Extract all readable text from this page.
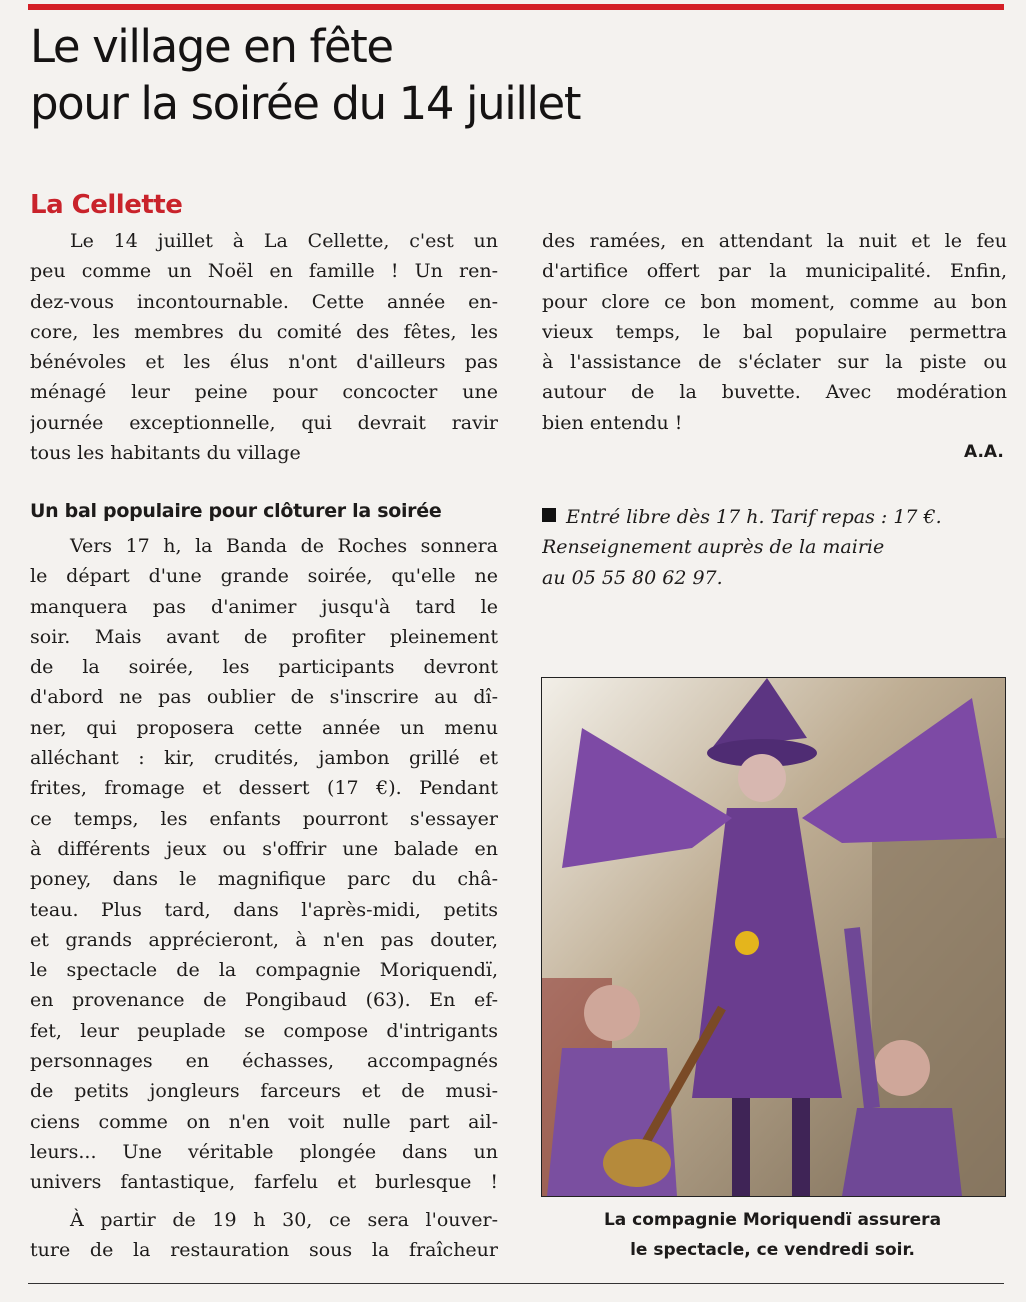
Le village en fête
pour la soirée du 14 juillet
La Cellette
Le 14 juillet à La Cellette, c'est un
peu comme un Noël en famille ! Un ren-
dez-vous incontournable. Cette année en-
core, les membres du comité des fêtes, les
bénévoles et les élus n'ont d'ailleurs pas
ménagé leur peine pour concocter une
journée exceptionnelle, qui devrait ravir
tous les habitants du village
Un bal populaire pour clôturer la soirée
Vers 17 h, la Banda de Roches sonnera
le départ d'une grande soirée, qu'elle ne
manquera pas d'animer jusqu'à tard le
soir. Mais avant de profiter pleinement
de la soirée, les participants devront
d'abord ne pas oublier de s'inscrire au dî-
ner, qui proposera cette année un menu
alléchant : kir, crudités, jambon grillé et
frites, fromage et dessert (17 €). Pendant
ce temps, les enfants pourront s'essayer
à différents jeux ou s'offrir une balade en
poney, dans le magnifique parc du châ-
teau. Plus tard, dans l'après-midi, petits
et grands apprécieront, à n'en pas douter,
le spectacle de la compagnie Moriquendï,
en provenance de Pongibaud (63). En ef-
fet, leur peuplade se compose d'intrigants
personnages en échasses, accompagnés
de petits jongleurs farceurs et de musi-
ciens comme on n'en voit nulle part ail-
leurs... Une véritable plongée dans un
univers fantastique, farfelu et burlesque !
À partir de 19 h 30, ce sera l'ouver-
ture de la restauration sous la fraîcheur
des ramées, en attendant la nuit et le feu
d'artifice offert par la municipalité. Enfin,
pour clore ce bon moment, comme au bon
vieux temps, le bal populaire permettra
à l'assistance de s'éclater sur la piste ou
autour de la buvette. Avec modération
bien entendu !
A.A.
Entré libre dès 17 h. Tarif repas : 17 €.
Renseignement auprès de la mairie
au 05 55 80 62 97.
La compagnie Moriquendï assurera
le spectacle, ce vendredi soir.
